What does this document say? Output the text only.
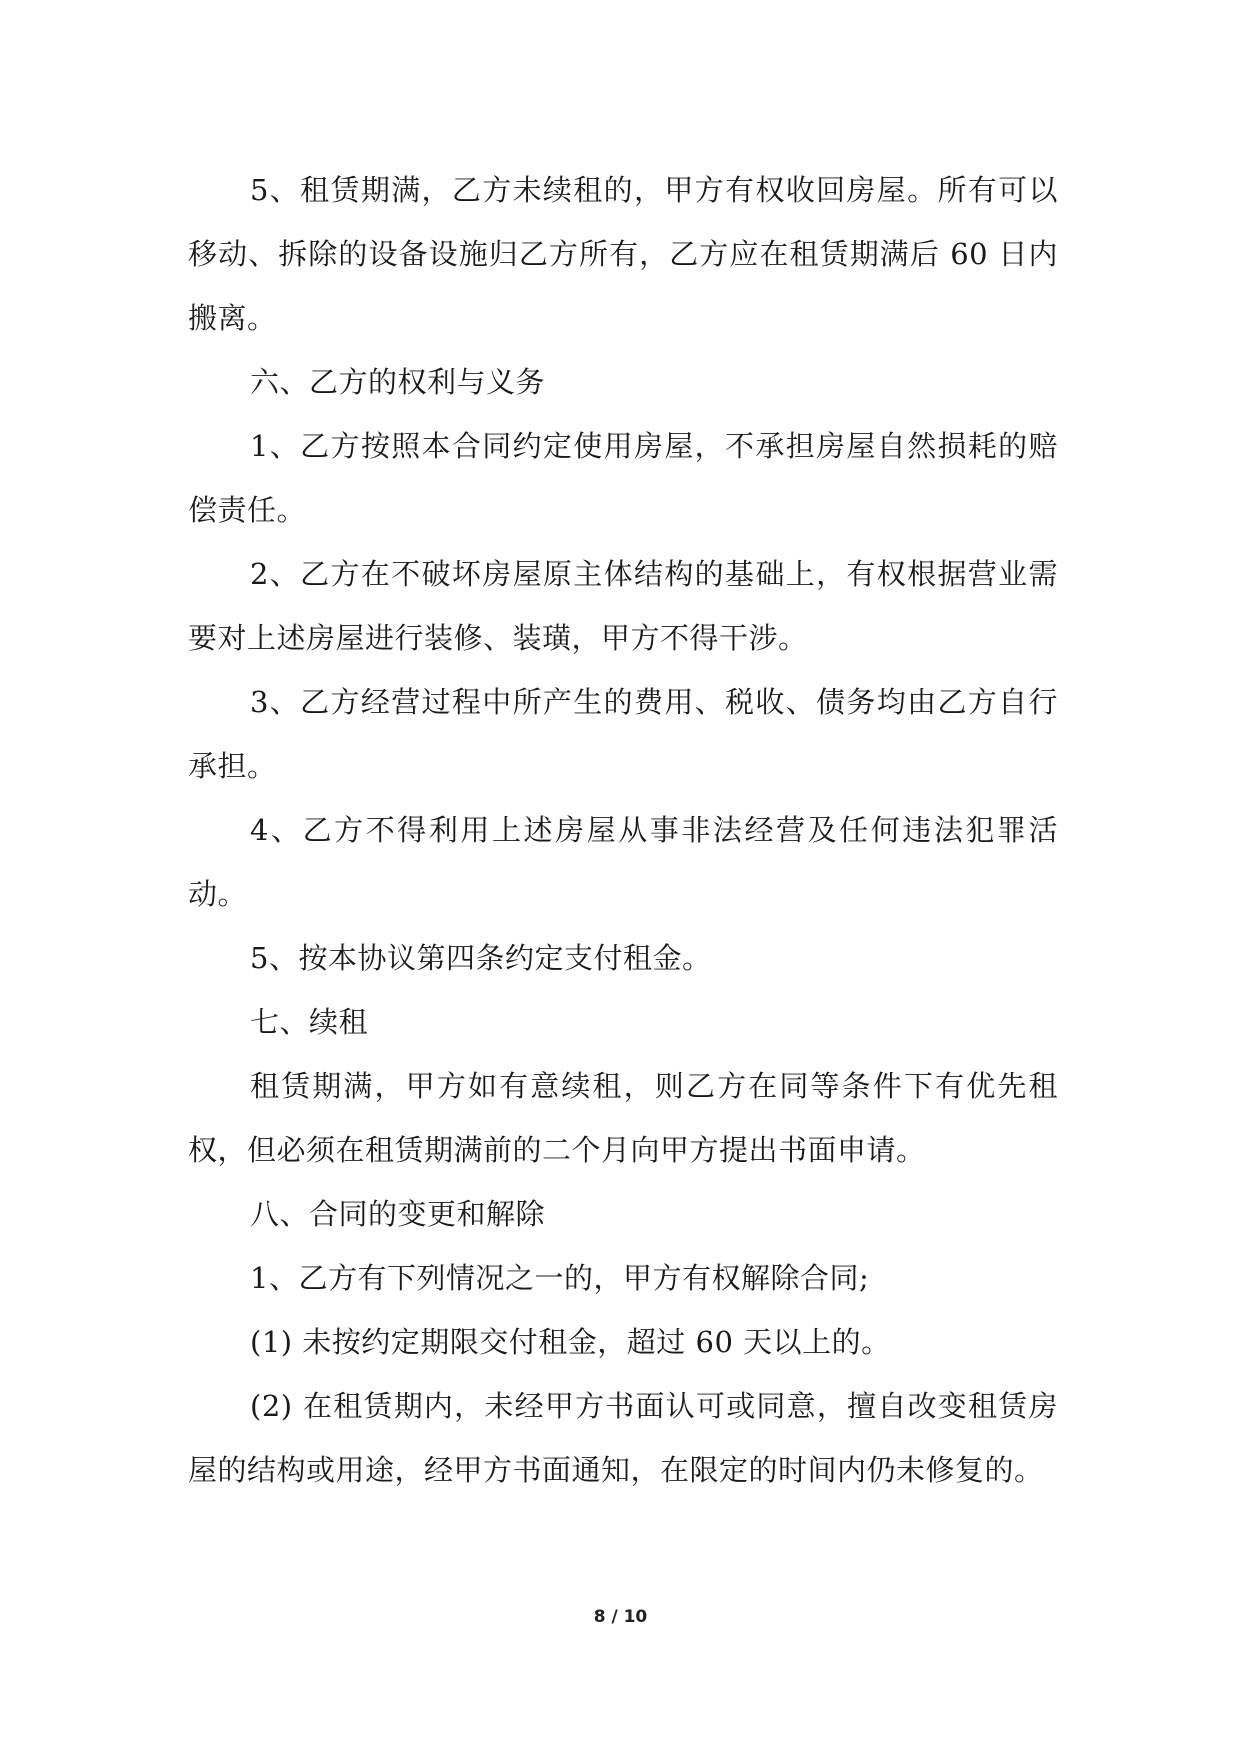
5、租赁期满，乙方未续租的，甲方有权收回房屋。所有可以移动、拆除的设备设施归乙方所有，乙方应在租赁期满后 60 日内搬离。

六、乙方的权利与义务

1、乙方按照本合同约定使用房屋，不承担房屋自然损耗的赔偿责任。

2、乙方在不破坏房屋原主体结构的基础上，有权根据营业需要对上述房屋进行装修、装璜，甲方不得干涉。

3、乙方经营过程中所产生的费用、税收、债务均由乙方自行承担。

4、乙方不得利用上述房屋从事非法经营及任何违法犯罪活动。

5、按本协议第四条约定支付租金。

七、续租

租赁期满，甲方如有意续租，则乙方在同等条件下有优先租权，但必须在租赁期满前的二个月向甲方提出书面申请。

八、合同的变更和解除

1、乙方有下列情况之一的，甲方有权解除合同;

(1) 未按约定期限交付租金，超过 60 天以上的。

(2) 在租赁期内，未经甲方书面认可或同意，擅自改变租赁房屋的结构或用途，经甲方书面通知，在限定的时间内仍未修复的。

8 / 10
